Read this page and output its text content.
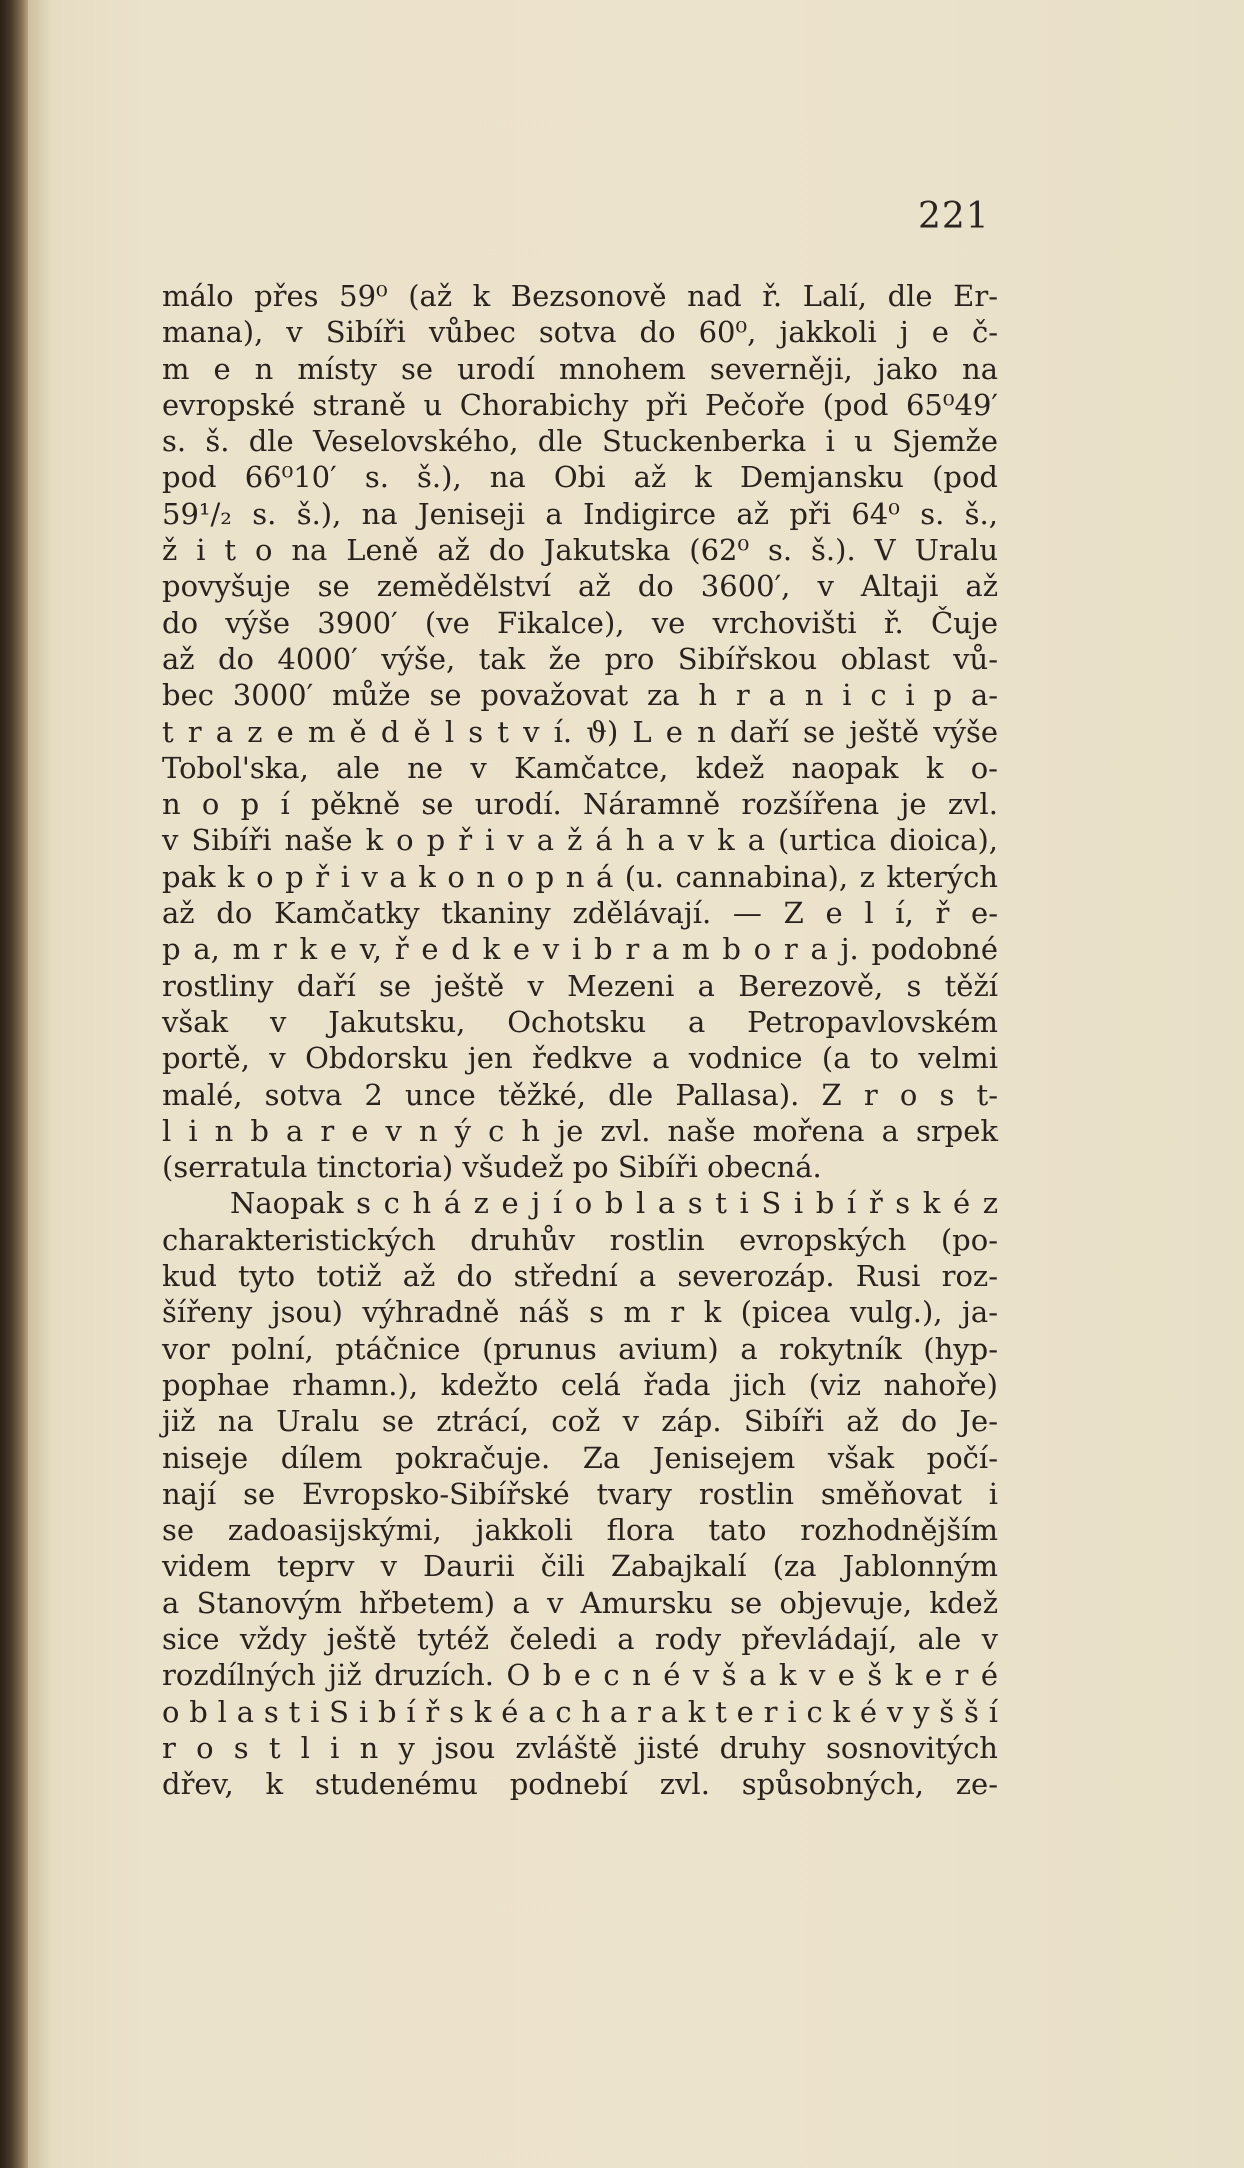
221
málo přes 59⁰ (až k Bezsonově nad ř. Lalí, dle Er-
mana), v Sibíři vůbec sotva do 60⁰, jakkoli j e č-
m e n místy se urodí mnohem severněji, jako na
evropské straně u Chorabichy při Pečoře (pod 65⁰49′
s. š. dle Veselovského, dle Stuckenberka i u Sjemže
pod 66⁰10′ s. š.), na Obi až k Demjansku (pod
59¹/₂ s. š.), na Jeniseji a Indigirce až při 64⁰ s. š.,
ž i t o na Leně až do Jakutska (62⁰ s. š.). V Uralu
povyšuje se zemědělství až do 3600′, v Altaji až
do výše 3900′ (ve Fikalce), ve vrchovišti ř. Čuje
až do 4000′ výše, tak že pro Sibířskou oblast vů-
bec 3000′ může se považovat za h r a n i c i p a-
t r a z e m ě d ě l s t v í. ϑ) L e n daří se ještě výše
Tobol'ska, ale ne v Kamčatce, kdež naopak k o-
n o p í pěkně se urodí. Náramně rozšířena je zvl.
v Sibíři naše k o p ř i v a ž á h a v k a (urtica dioica),
pak k o p ř i v a k o n o p n á (u. cannabina), z kterých
až do Kamčatky tkaniny zdělávají. — Z e l í, ř e-
p a, m r k e v, ř e d k e v i b r a m b o r a j. podobné
rostliny daří se ještě v Mezeni a Berezově, s těží
však v Jakutsku, Ochotsku a Petropavlovském
portě, v Obdorsku jen ředkve a vodnice (a to velmi
malé, sotva 2 unce těžké, dle Pallasa). Z r o s t-
l i n b a r e v n ý c h je zvl. naše mořena a srpek
(serratula tinctoria) všudež po Sibíři obecná.
Naopak s c h á z e j í o b l a s t i S i b í ř s k é z
charakteristických druhův rostlin evropských (po-
kud tyto totiž až do střední a severozáp. Rusi roz-
šířeny jsou) výhradně náš s m r k (picea vulg.), ja-
vor polní, ptáčnice (prunus avium) a rokytník (hyp-
pophae rhamn.), kdežto celá řada jich (viz nahoře)
již na Uralu se ztrácí, což v záp. Sibíři až do Je-
niseje dílem pokračuje. Za Jenisejem však počí-
nají se Evropsko-Sibířské tvary rostlin směňovat i
se zadoasijskými, jakkoli flora tato rozhodnějším
videm teprv v Daurii čili Zabajkalí (za Jablonným
a Stanovým hřbetem) a v Amursku se objevuje, kdež
sice vždy ještě tytéž čeledi a rody převládají, ale v
rozdílných již druzích. O b e c n é v š a k v e š k e r é
o b l a s t i S i b í ř s k é a c h a r a k t e r i c k é v y š š í
r o s t l i n y jsou zvláště jisté druhy sosnovitých
dřev, k studenému podnebí zvl. spůsobných, ze-
